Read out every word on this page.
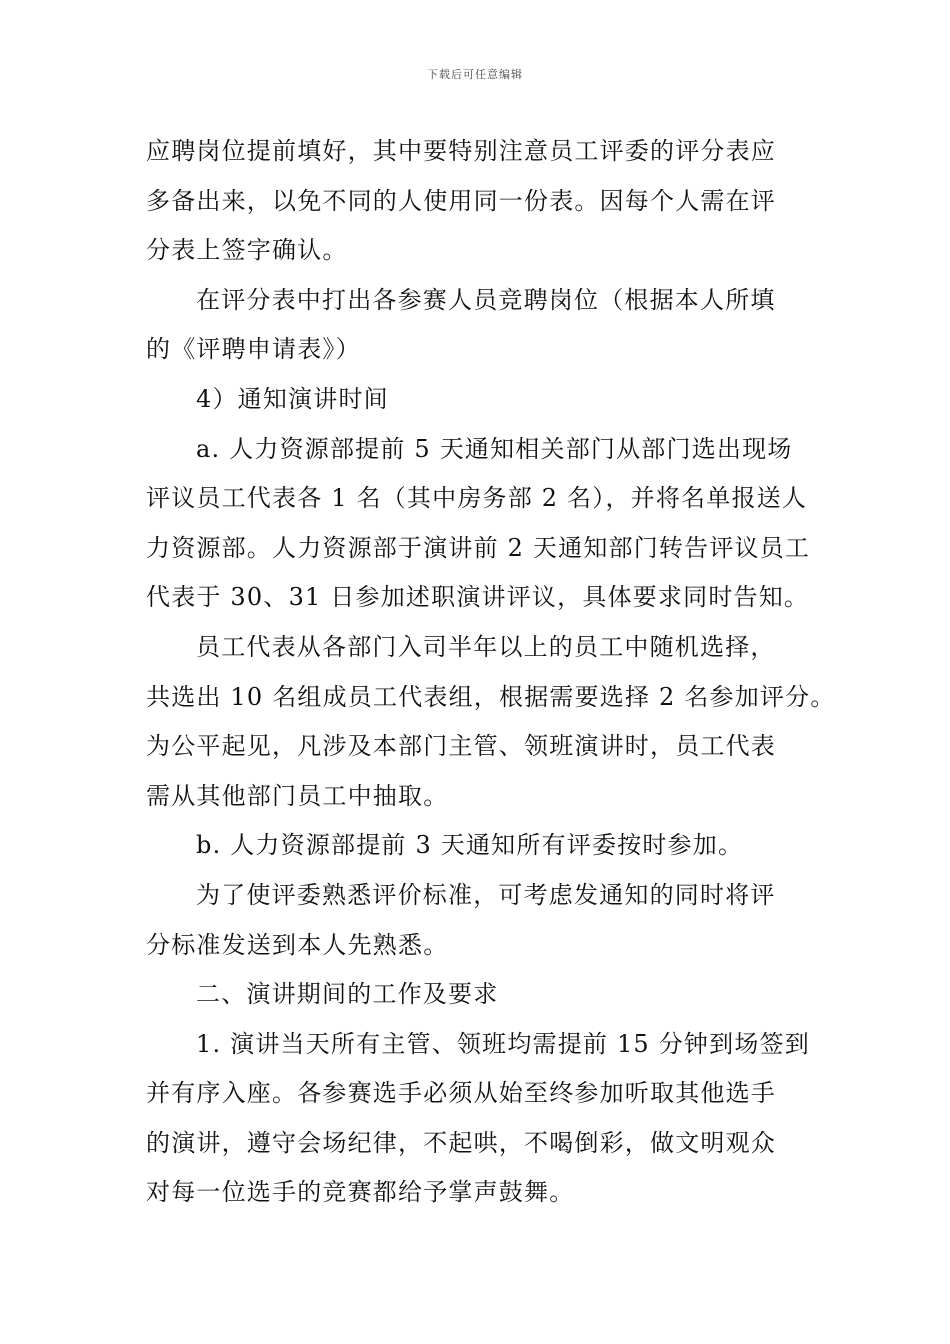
下载后可任意编辑
应聘岗位提前填好，其中要特别注意员工评委的评分表应
多备出来，以免不同的人使用同一份表。因每个人需在评
分表上签字确认。
在评分表中打出各参赛人员竞聘岗位（根据本人所填
的《评聘申请表》）
4）通知演讲时间
a. 人力资源部提前 5 天通知相关部门从部门选出现场
评议员工代表各 1 名（其中房务部 2 名），并将名单报送人
力资源部。人力资源部于演讲前 2 天通知部门转告评议员工
代表于 30、31 日参加述职演讲评议，具体要求同时告知。
员工代表从各部门入司半年以上的员工中随机选择，
共选出 10 名组成员工代表组，根据需要选择 2 名参加评分。
为公平起见，凡涉及本部门主管、领班演讲时，员工代表
需从其他部门员工中抽取。
b. 人力资源部提前 3 天通知所有评委按时参加。
为了使评委熟悉评价标准，可考虑发通知的同时将评
分标准发送到本人先熟悉。
二、演讲期间的工作及要求
1. 演讲当天所有主管、领班均需提前 15 分钟到场签到
并有序入座。各参赛选手必须从始至终参加听取其他选手
的演讲，遵守会场纪律，不起哄，不喝倒彩，做文明观众
对每一位选手的竞赛都给予掌声鼓舞。
